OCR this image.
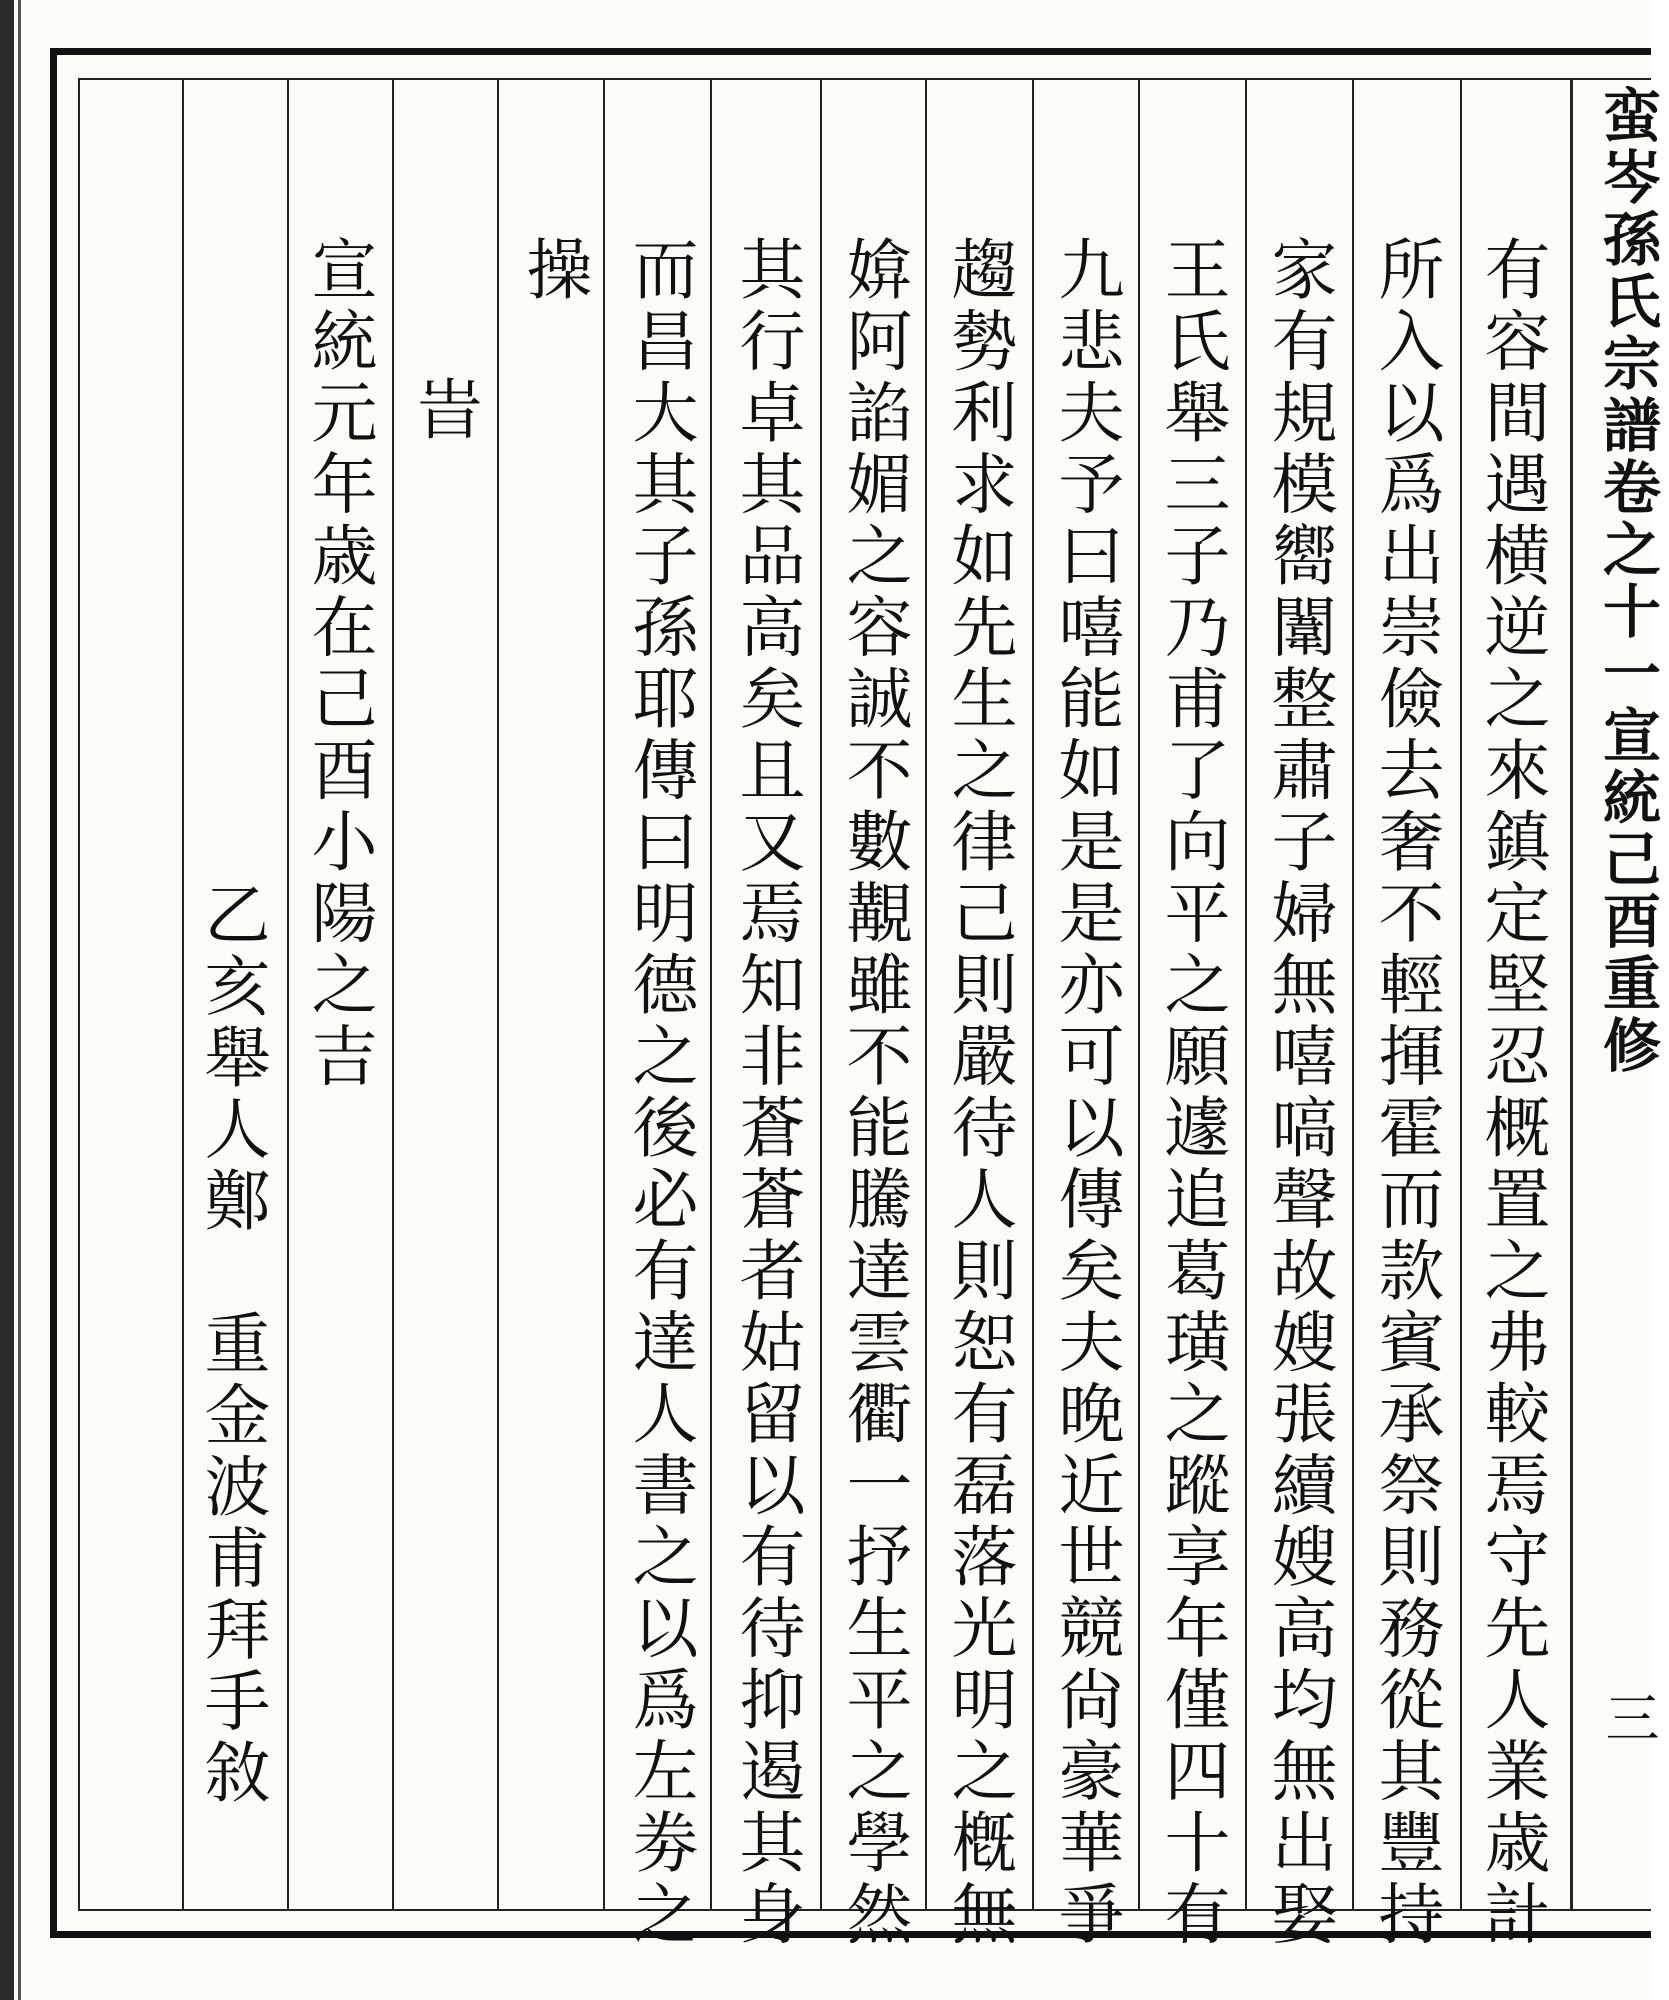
蛮岑孫氏宗譜卷之十一宣統己酉重修
三
有容間遇横逆之來鎮定堅忍概置之弗較焉守先人業歳計
所入以爲出崇儉去奢不輕揮霍而款賓承祭則務從其豐持
家有規模嚮闈整肅子婦無嘻嗃聲故嫂張續嫂高均無出娶
王氏舉三子乃甫了向平之願遽追葛璜之蹤享年僅四十有
九悲夫予曰嘻能如是是亦可以傳矣夫晚近世競尙豪華爭
趨勢利求如先生之律己則嚴待人則恕有磊落光明之槪無
媕阿諂媚之容誠不數覯雖不能騰達雲衢一抒生平之學然
其行卓其品高矣且又焉知非蒼蒼者姑留以有待抑遏其身
而昌大其子孫耶傳曰明德之後必有達人書之以爲左劵之
操
旹
宣統元年歳在己酉小陽之吉
乙亥舉人鄭　重金波甫拜手敘
